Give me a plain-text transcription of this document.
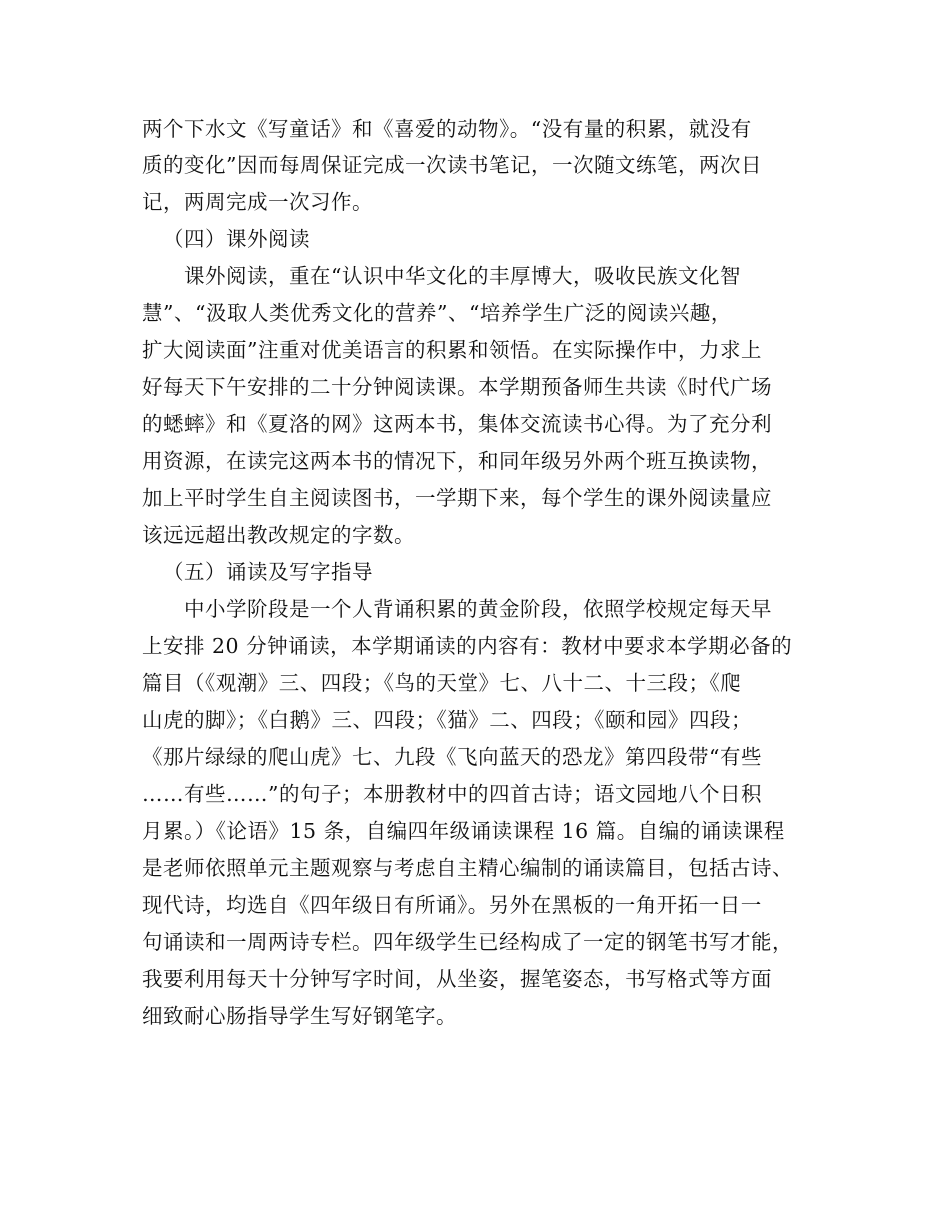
两个下水文《写童话》和《喜爱的动物》。“没有量的积累，就没有
质的变化”因而每周保证完成一次读书笔记，一次随文练笔，两次日
记，两周完成一次习作。
（四）课外阅读
课外阅读，重在“认识中华文化的丰厚博大，吸收民族文化智
慧”、“汲取人类优秀文化的营养”、“培养学生广泛的阅读兴趣，
扩大阅读面”注重对优美语言的积累和领悟。在实际操作中，力求上
好每天下午安排的二十分钟阅读课。本学期预备师生共读《时代广场
的蟋蟀》和《夏洛的网》这两本书，集体交流读书心得。为了充分利
用资源，在读完这两本书的情况下，和同年级另外两个班互换读物，
加上平时学生自主阅读图书，一学期下来，每个学生的课外阅读量应
该远远超出教改规定的字数。
（五）诵读及写字指导
中小学阶段是一个人背诵积累的黄金阶段，依照学校规定每天早
上安排 20 分钟诵读，本学期诵读的内容有：教材中要求本学期必备的
篇目（《观潮》三、四段；《鸟的天堂》七、八十二、十三段；《爬
山虎的脚》；《白鹅》三、四段；《猫》二、四段；《颐和园》四段；
《那片绿绿的爬山虎》七、九段《飞向蓝天的恐龙》第四段带“有些
……有些……”的句子；本册教材中的四首古诗；语文园地八个日积
月累。）《论语》15 条，自编四年级诵读课程 16 篇。自编的诵读课程
是老师依照单元主题观察与考虑自主精心编制的诵读篇目，包括古诗、
现代诗，均选自《四年级日有所诵》。另外在黑板的一角开拓一日一
句诵读和一周两诗专栏。四年级学生已经构成了一定的钢笔书写才能，
我要利用每天十分钟写字时间，从坐姿，握笔姿态，书写格式等方面
细致耐心肠指导学生写好钢笔字。
